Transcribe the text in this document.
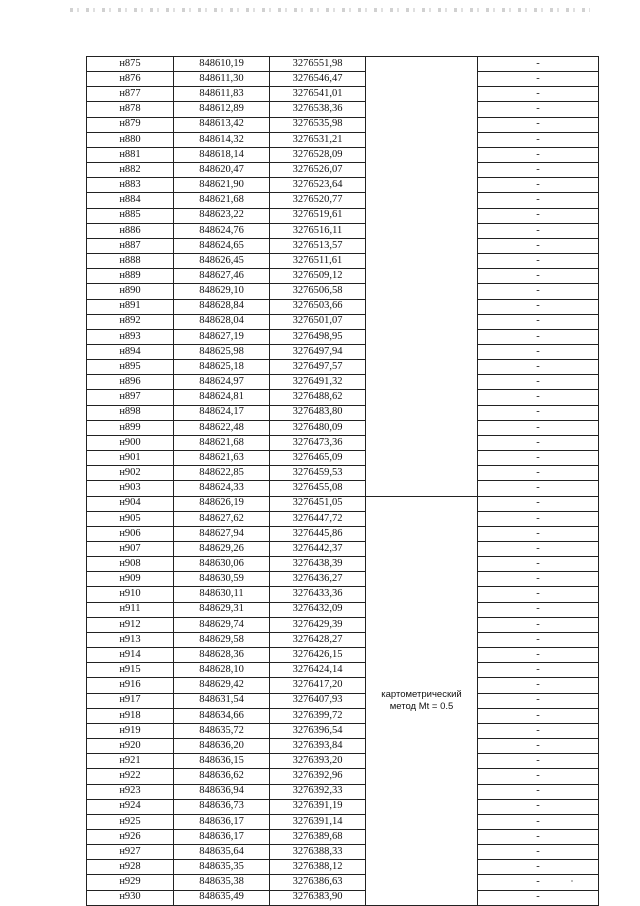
н875	848610,19	3276551,98		-
н876	848611,30	3276546,47		-
н877	848611,83	3276541,01		-
н878	848612,89	3276538,36		-
н879	848613,42	3276535,98		-
н880	848614,32	3276531,21		-
н881	848618,14	3276528,09		-
н882	848620,47	3276526,07		-
н883	848621,90	3276523,64		-
н884	848621,68	3276520,77		-
н885	848623,22	3276519,61		-
н886	848624,76	3276516,11		-
н887	848624,65	3276513,57		-
н888	848626,45	3276511,61		-
н889	848627,46	3276509,12		-
н890	848629,10	3276506,58		-
н891	848628,84	3276503,66		-
н892	848628,04	3276501,07		-
н893	848627,19	3276498,95		-
н894	848625,98	3276497,94		-
н895	848625,18	3276497,57		-
н896	848624,97	3276491,32		-
н897	848624,81	3276488,62		-
н898	848624,17	3276483,80		-
н899	848622,48	3276480,09		-
н900	848621,68	3276473,36		-
н901	848621,63	3276465,09		-
н902	848622,85	3276459,53		-
н903	848624,33	3276455,08		-
н904	848626,19	3276451,05	картометрический
метод Mt = 0.5	-
н905	848627,62	3276447,72		-
н906	848627,94	3276445,86		-
н907	848629,26	3276442,37		-
н908	848630,06	3276438,39		-
н909	848630,59	3276436,27		-
н910	848630,11	3276433,36		-
н911	848629,31	3276432,09		-
н912	848629,74	3276429,39		-
н913	848629,58	3276428,27		-
н914	848628,36	3276426,15		-
н915	848628,10	3276424,14		-
н916	848629,42	3276417,20		-
н917	848631,54	3276407,93		-
н918	848634,66	3276399,72		-
н919	848635,72	3276396,54		-
н920	848636,20	3276393,84		-
н921	848636,15	3276393,20		-
н922	848636,62	3276392,96		-
н923	848636,94	3276392,33		-
н924	848636,73	3276391,19		-
н925	848636,17	3276391,14		-
н926	848636,17	3276389,68		-
н927	848635,64	3276388,33		-
н928	848635,35	3276388,12		-
н929	848635,38	3276386,63		-
н930	848635,49	3276383,90		-
